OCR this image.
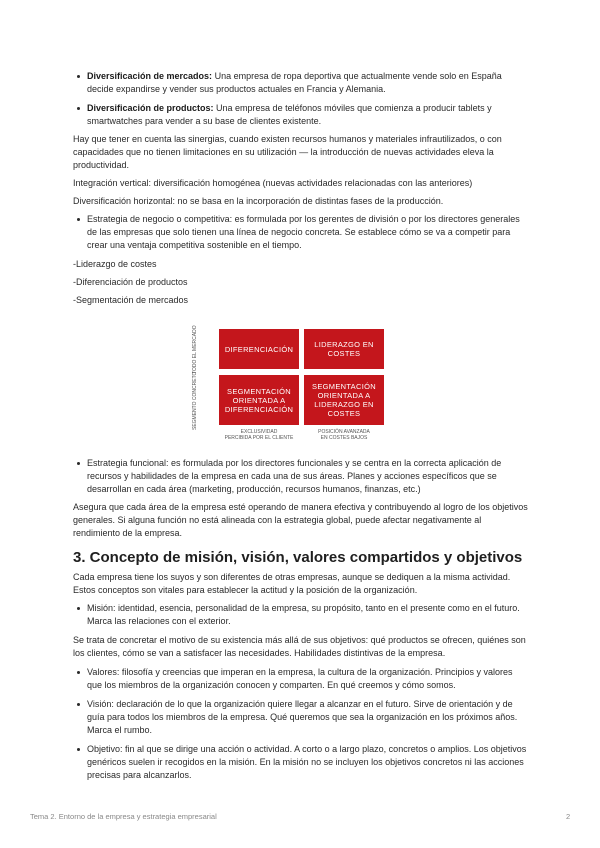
Diversificación de mercados: Una empresa de ropa deportiva que actualmente vende solo en España decide expandirse y vender sus productos actuales en Francia y Alemania.
Diversificación de productos: Una empresa de teléfonos móviles que comienza a producir tablets y smartwatches para vender a su base de clientes existente.

Hay que tener en cuenta las sinergias, cuando existen recursos humanos y materiales infrautilizados, o con capacidades que no tienen limitaciones en su utilización — la introducción de nuevas actividades eleva la productividad.

Integración vertical: diversificación homogénea (nuevas actividades relacionadas con las anteriores)

Diversificación horizontal: no se basa en la incorporación de distintas fases de la producción.

Estrategia de negocio o competitiva: es formulada por los gerentes de división o por los directores generales de las empresas que solo tienen una línea de negocio concreta. Se establece cómo se va a competir para crear una ventaja competitiva sostenible en el tiempo.

-Liderazgo de costes

-Diferenciación de productos

-Segmentación de mercados

TODO EL MERCADO
SEGMENTO CONCRETO
DIFERENCIACIÓN	LIDERAZGO EN COSTES
SEGMENTACIÓN ORIENTADA A DIFERENCIACIÓN
SEGMENTACIÓN ORIENTADA A LIDERAZGO EN COSTES
EXCLUSIVIDAD
PERCIBIDA POR EL CLIENTE
POSICIÓN AVANZADA
EN COSTES BAJOS
Estrategia funcional: es formulada por los directores funcionales y se centra en la correcta aplicación de recursos y habilidades de la empresa en cada una de sus áreas. Planes y acciones específicos que se desarrollan en cada área (marketing, producción, recursos humanos, finanzas, etc.)

Asegura que cada área de la empresa esté operando de manera efectiva y contribuyendo al logro de los objetivos generales. Si alguna función no está alineada con la estrategia global, puede afectar negativamente al rendimiento de la empresa.

3. Concepto de misión, visión, valores compartidos y objetivos

Cada empresa tiene los suyos y son diferentes de otras empresas, aunque se dediquen a la misma actividad. Estos conceptos son vitales para establecer la actitud y la posición de la organización.

Misión: identidad, esencia, personalidad de la empresa, su propósito, tanto en el presente como en el futuro. Marca las relaciones con el exterior.

Se trata de concretar el motivo de su existencia más allá de sus objetivos: qué productos se ofrecen, quiénes son los clientes, cómo se van a satisfacer las necesidades. Habilidades distintivas de la empresa.

Valores: filosofía y creencias que imperan en la empresa, la cultura de la organización. Principios y valores que los miembros de la organización conocen y comparten. En qué creemos y cómo somos.
Visión: declaración de lo que la organización quiere llegar a alcanzar en el futuro. Sirve de orientación y de guía para todos los miembros de la empresa. Qué queremos que sea la organización en los próximos años. Marca el rumbo.
Objetivo: fin al que se dirige una acción o actividad. A corto o a largo plazo, concretos o amplios. Los objetivos genéricos suelen ir recogidos en la misión. En la misión no se incluyen los objetivos concretos ni las acciones precisas para alcanzarlos.
Tema 2. Entorno de la empresa y estrategia empresarial	2
